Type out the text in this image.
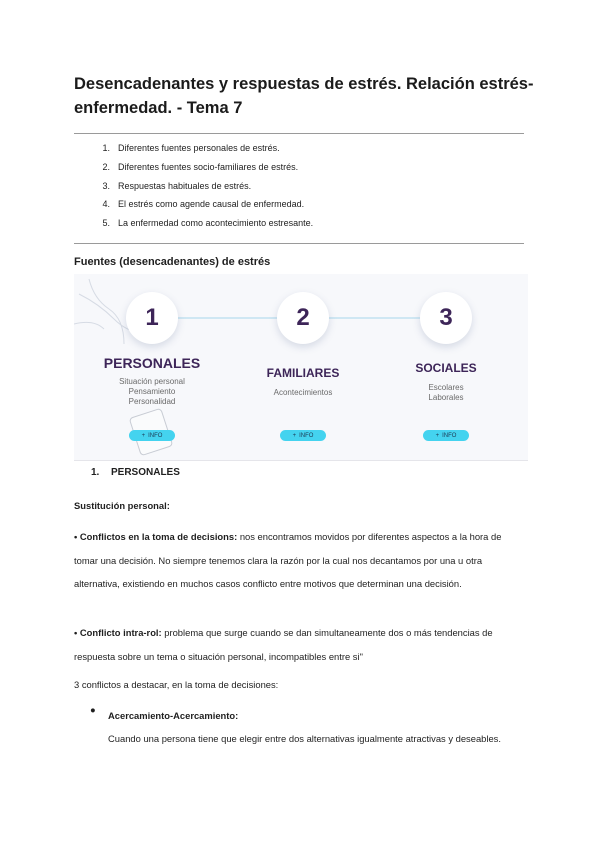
Desencadenantes y respuestas de estrés. Relación estrés-enfermedad. - Tema 7
1. Diferentes fuentes personales de estrés.
2. Diferentes fuentes socio-familiares de estrés.
3. Respuestas habituales de estrés.
4. El estrés como agende causal de enfermedad.
5. La enfermedad como acontecimiento estresante.
Fuentes (desencadenantes) de estrés
1
PERSONALES
Situación personal
Pensamiento
Personalidad
+ INFO
2
FAMILIARES
Acontecimientos
+ INFO
3
SOCIALES
Escolares
Laborales
+ INFO
1. PERSONALES

Sustitución personal:

• Conflictos en la toma de decisions: nos encontramos movidos por diferentes aspectos a la hora de tomar una decisión. No siempre tenemos clara la razón por la cual nos decantamos por una u otra alternativa, existiendo en muchos casos conflicto entre motivos que determinan una decisión.

• Conflicto intra-rol: problema que surge cuando se dan simultaneamente dos o más tendencias de respuesta sobre un tema o situación personal, incompatibles entre si"

3 conflictos a destacar, en la toma de decisiones:

●
Acercamiento-Acercamiento:
Cuando una persona tiene que elegir entre dos alternativas igualmente atractivas y deseables.
